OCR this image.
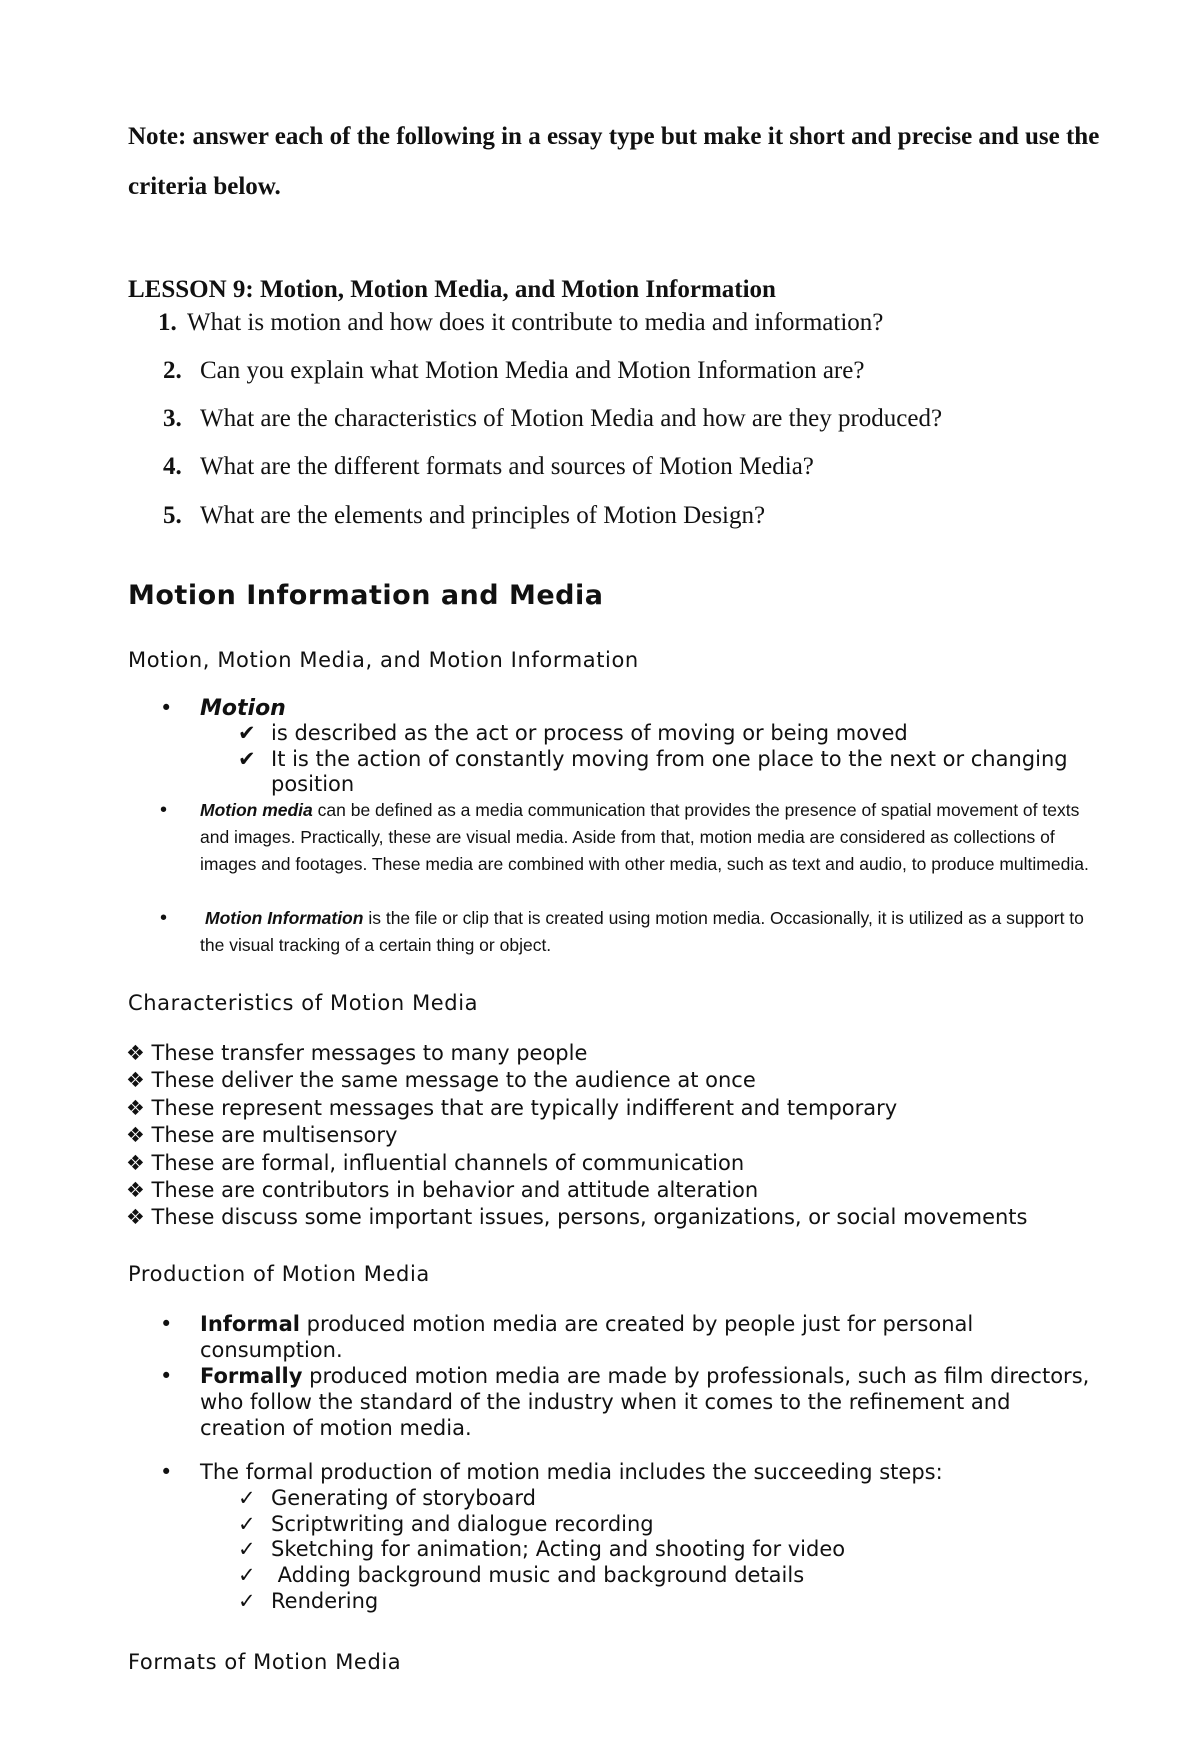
Note: answer each of the following in a essay type but make it short and precise and use the criteria below.
LESSON 9: Motion, Motion Media, and Motion Information
1. What is motion and how does it contribute to media and information?
2. Can you explain what Motion Media and Motion Information are?
3. What are the characteristics of Motion Media and how are they produced?
4. What are the different formats and sources of Motion Media?
5. What are the elements and principles of Motion Design?
Motion Information and Media
Motion, Motion Media, and Motion Information
• Motion
✔ is described as the act or process of moving or being moved
✔ It is the action of constantly moving from one place to the next or changing position
• Motion media can be defined as a media communication that provides the presence of spatial movement of texts and images. Practically, these are visual media. Aside from that, motion media are considered as collections of images and footages. These media are combined with other media, such as text and audio, to produce multimedia.
• Motion Information is the file or clip that is created using motion media. Occasionally, it is utilized as a support to the visual tracking of a certain thing or object.
Characteristics of Motion Media
❖ These transfer messages to many people
❖ These deliver the same message to the audience at once
❖ These represent messages that are typically indifferent and temporary
❖ These are multisensory
❖ These are formal, influential channels of communication
❖ These are contributors in behavior and attitude alteration
❖ These discuss some important issues, persons, organizations, or social movements
Production of Motion Media
• Informal produced motion media are created by people just for personal consumption.
• Formally produced motion media are made by professionals, such as film directors, who follow the standard of the industry when it comes to the refinement and creation of motion media.
• The formal production of motion media includes the succeeding steps:
✓ Generating of storyboard
✓ Scriptwriting and dialogue recording
✓ Sketching for animation; Acting and shooting for video
✓ Adding background music and background details
✓ Rendering
Formats of Motion Media
